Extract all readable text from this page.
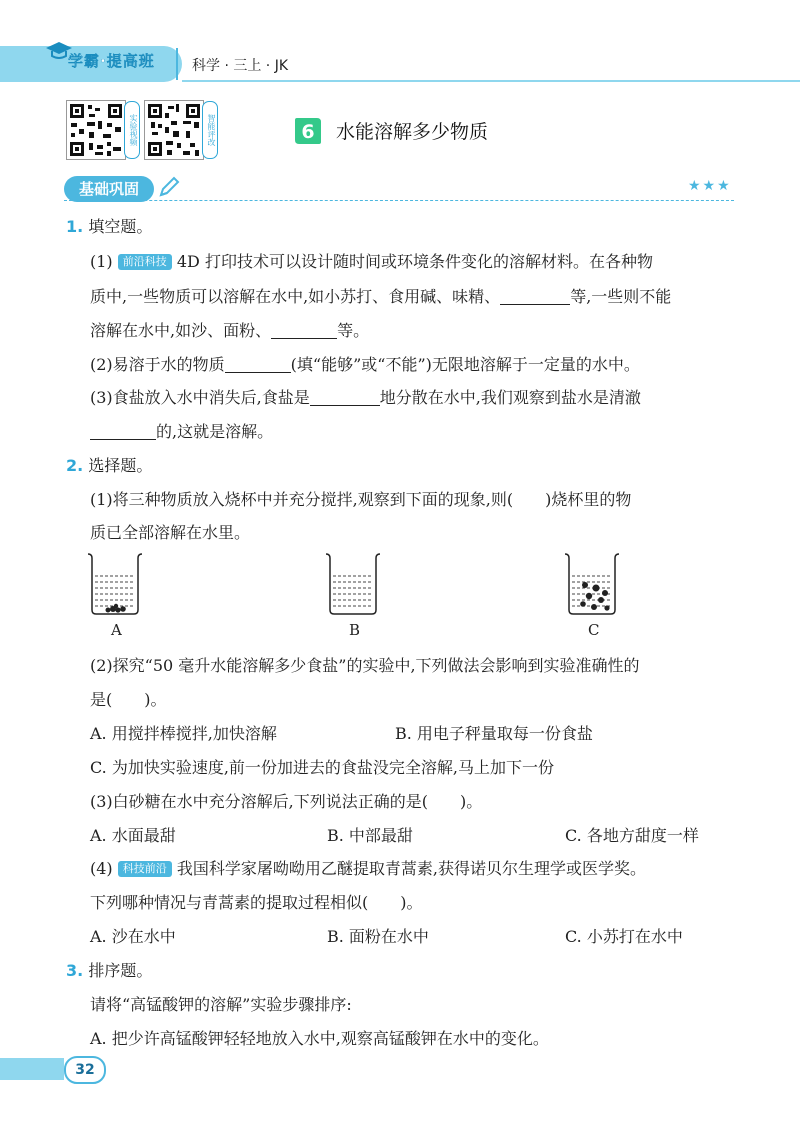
学霸·提高班	科学 · 三上 · JK
实验视频	智能评改	6 水能溶解多少物质
基础巩固	★★★
1. 填空题。
(1) 前沿科技 4D 打印技术可以设计随时间或环境条件变化的溶解材料。在各种物
质中,一些物质可以溶解在水中,如小苏打、食用碱、味精、	等,一些则不能
溶解在水中,如沙、面粉、	等。
(2)易溶于水的物质	(填“能够”或“不能”)无限地溶解于一定量的水中。
(3)食盐放入水中消失后,食盐是	地分散在水中,我们观察到盐水是清澈
的,这就是溶解。
2. 选择题。
(1)将三种物质放入烧杯中并充分搅拌,观察到下面的现象,则(　　)烧杯里的物
质已全部溶解在水里。
A	B	C
(2)探究“50 毫升水能溶解多少食盐”的实验中,下列做法会影响到实验准确性的
是(　　)。
A. 用搅拌棒搅拌,加快溶解	B. 用电子秤量取每一份食盐
C. 为加快实验速度,前一份加进去的食盐没完全溶解,马上加下一份
(3)白砂糖在水中充分溶解后,下列说法正确的是(　　)。
A. 水面最甜	B. 中部最甜	C. 各地方甜度一样
(4) 科技前沿 我国科学家屠呦呦用乙醚提取青蒿素,获得诺贝尔生理学或医学奖。
下列哪种情况与青蒿素的提取过程相似(　　)。
A. 沙在水中	B. 面粉在水中	C. 小苏打在水中
3. 排序题。
请将“高锰酸钾的溶解”实验步骤排序:
A. 把少许高锰酸钾轻轻地放入水中,观察高锰酸钾在水中的变化。
32
